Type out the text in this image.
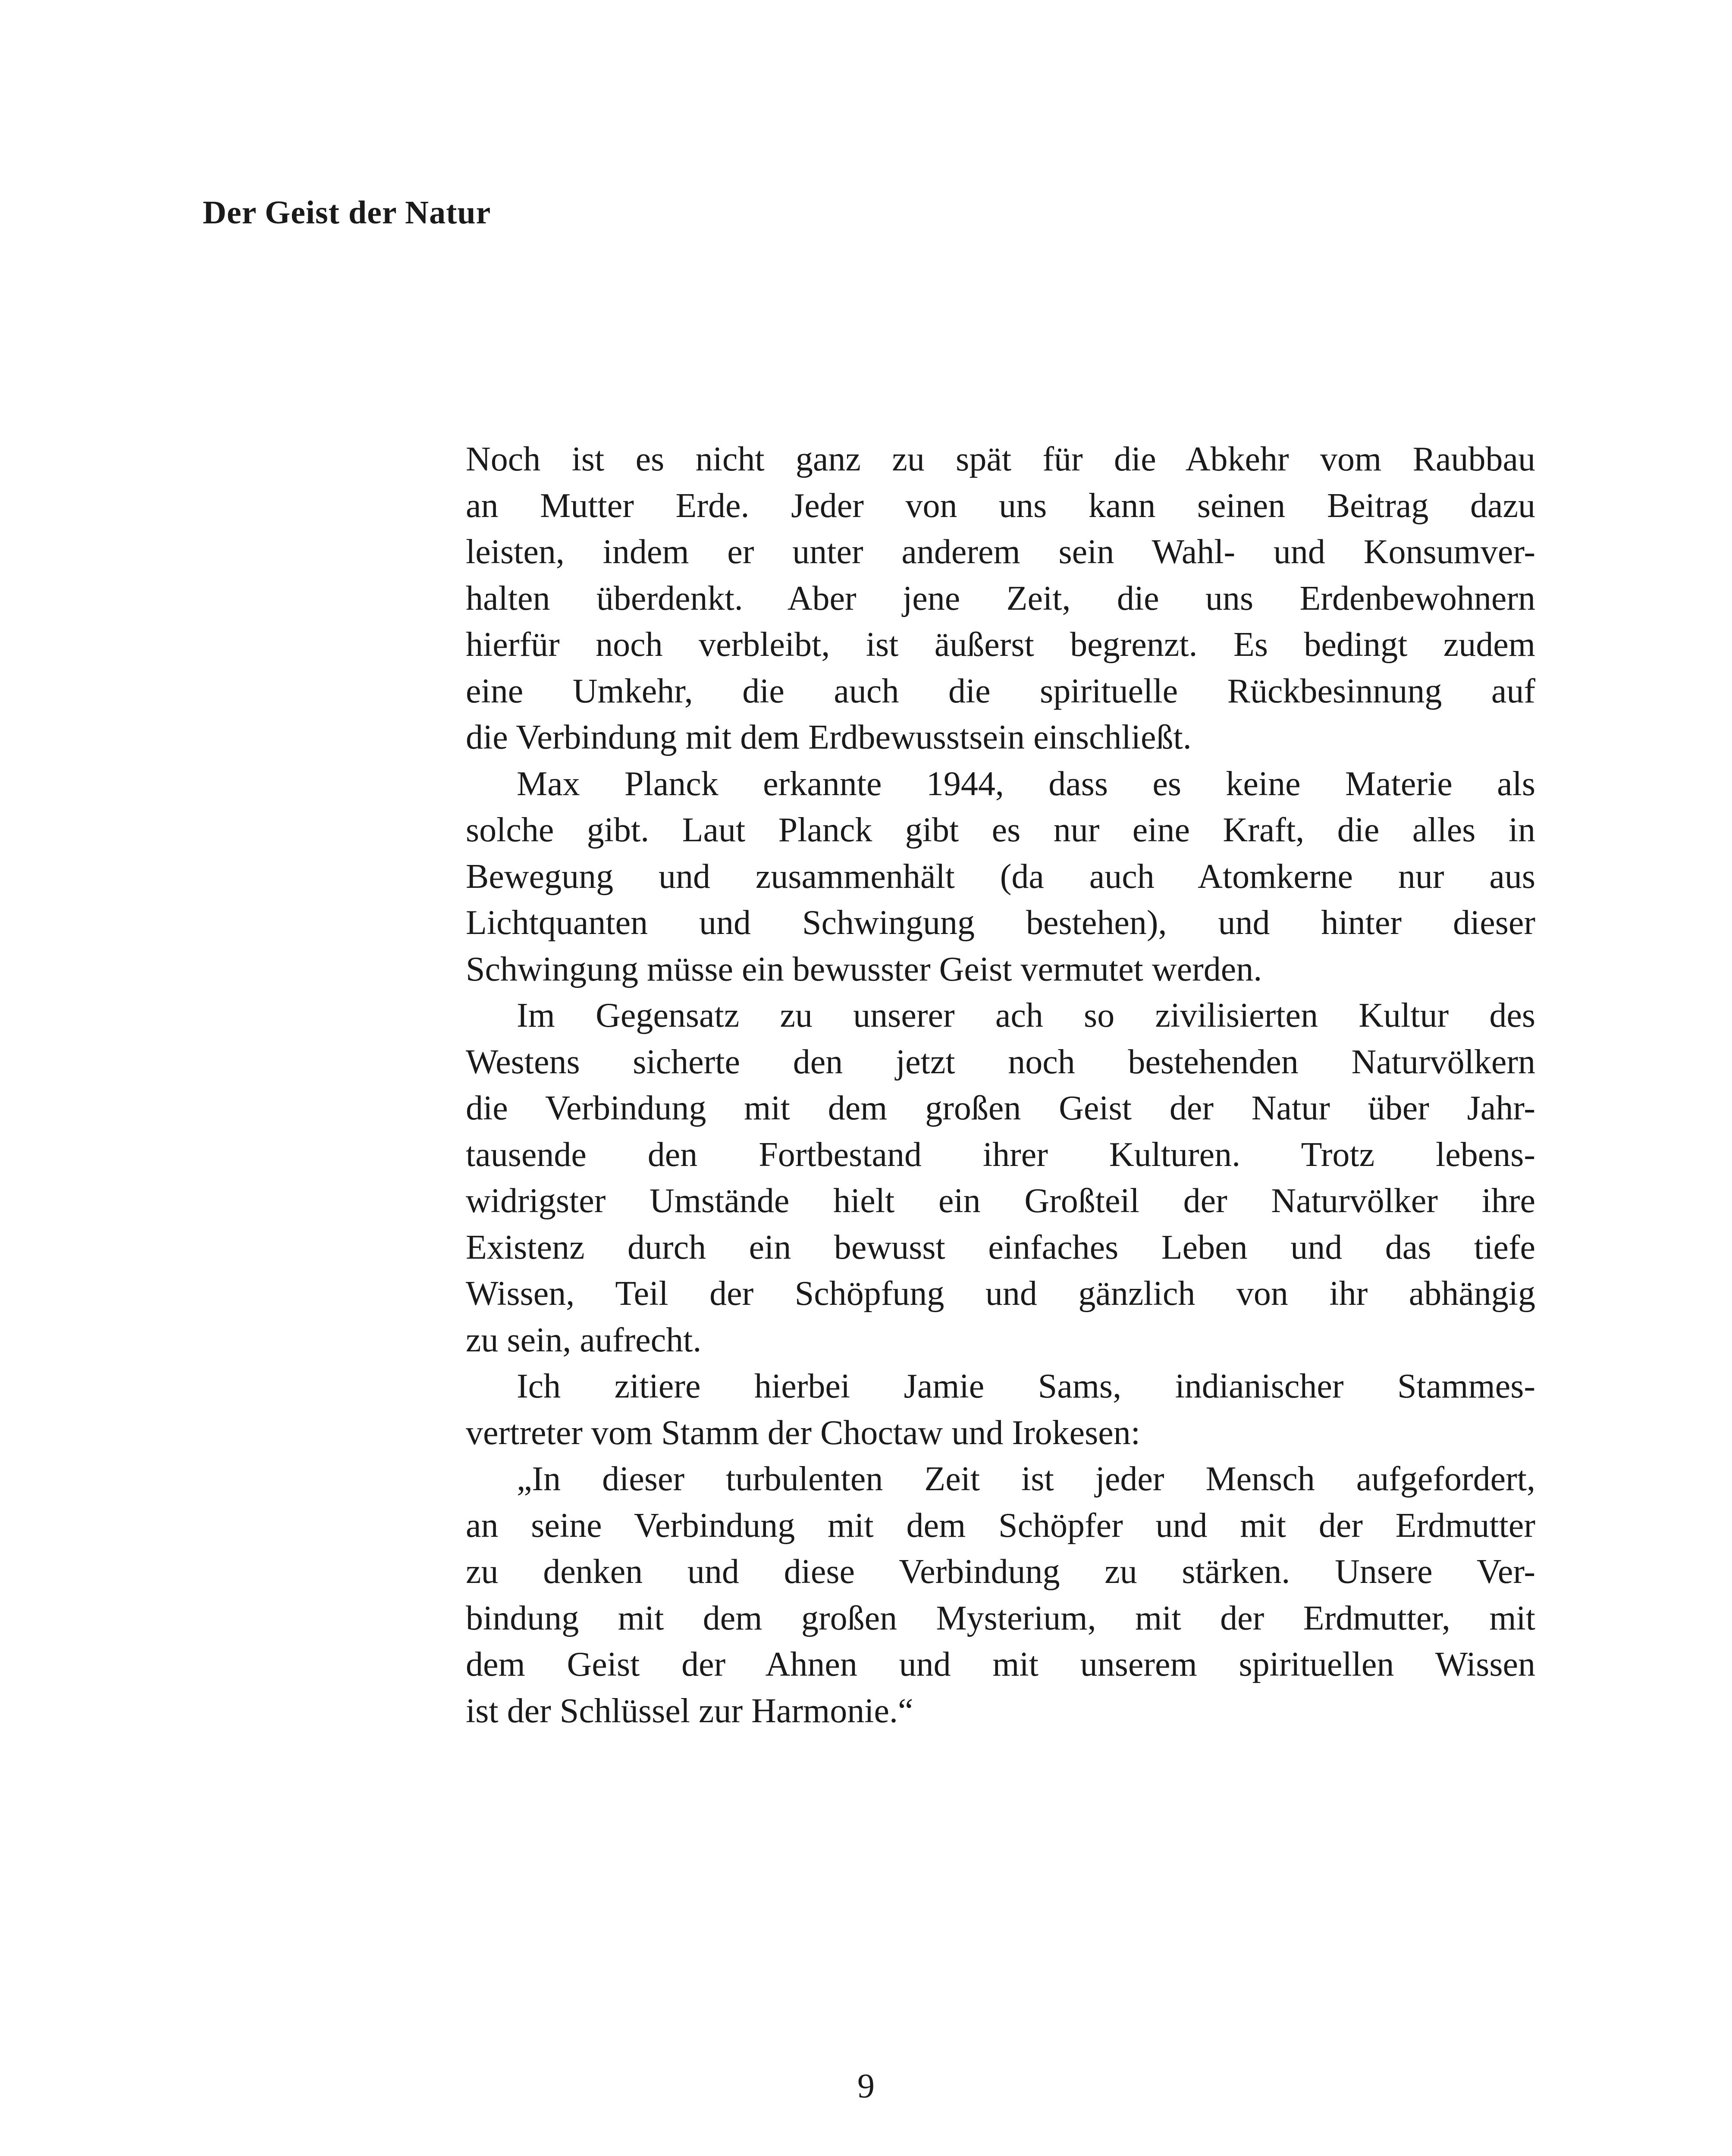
Der Geist der Natur
Noch ist es nicht ganz zu spät für die Abkehr vom Raubbau
an Mutter Erde. Jeder von uns kann seinen Beitrag dazu
leisten, indem er unter anderem sein Wahl- und Konsumver-
halten überdenkt. Aber jene Zeit, die uns Erdenbewohnern
hierfür noch verbleibt, ist äußerst begrenzt. Es bedingt zudem
eine Umkehr, die auch die spirituelle Rückbesinnung auf
die Verbindung mit dem Erdbewusstsein einschließt.
Max Planck erkannte 1944, dass es keine Materie als
solche gibt. Laut Planck gibt es nur eine Kraft, die alles in
Bewegung und zusammenhält (da auch Atomkerne nur aus
Lichtquanten und Schwingung bestehen), und hinter dieser
Schwingung müsse ein bewusster Geist vermutet werden.
Im Gegensatz zu unserer ach so zivilisierten Kultur des
Westens sicherte den jetzt noch bestehenden Naturvölkern
die Verbindung mit dem großen Geist der Natur über Jahr-
tausende den Fortbestand ihrer Kulturen. Trotz lebens-
widrigster Umstände hielt ein Großteil der Naturvölker ihre
Existenz durch ein bewusst einfaches Leben und das tiefe
Wissen, Teil der Schöpfung und gänzlich von ihr abhängig
zu sein, aufrecht.
Ich zitiere hierbei Jamie Sams, indianischer Stammes-
vertreter vom Stamm der Choctaw und Irokesen:
„In dieser turbulenten Zeit ist jeder Mensch aufgefordert,
an seine Verbindung mit dem Schöpfer und mit der Erdmutter
zu denken und diese Verbindung zu stärken. Unsere Ver-
bindung mit dem großen Mysterium, mit der Erdmutter, mit
dem Geist der Ahnen und mit unserem spirituellen Wissen
ist der Schlüssel zur Harmonie.“
9
